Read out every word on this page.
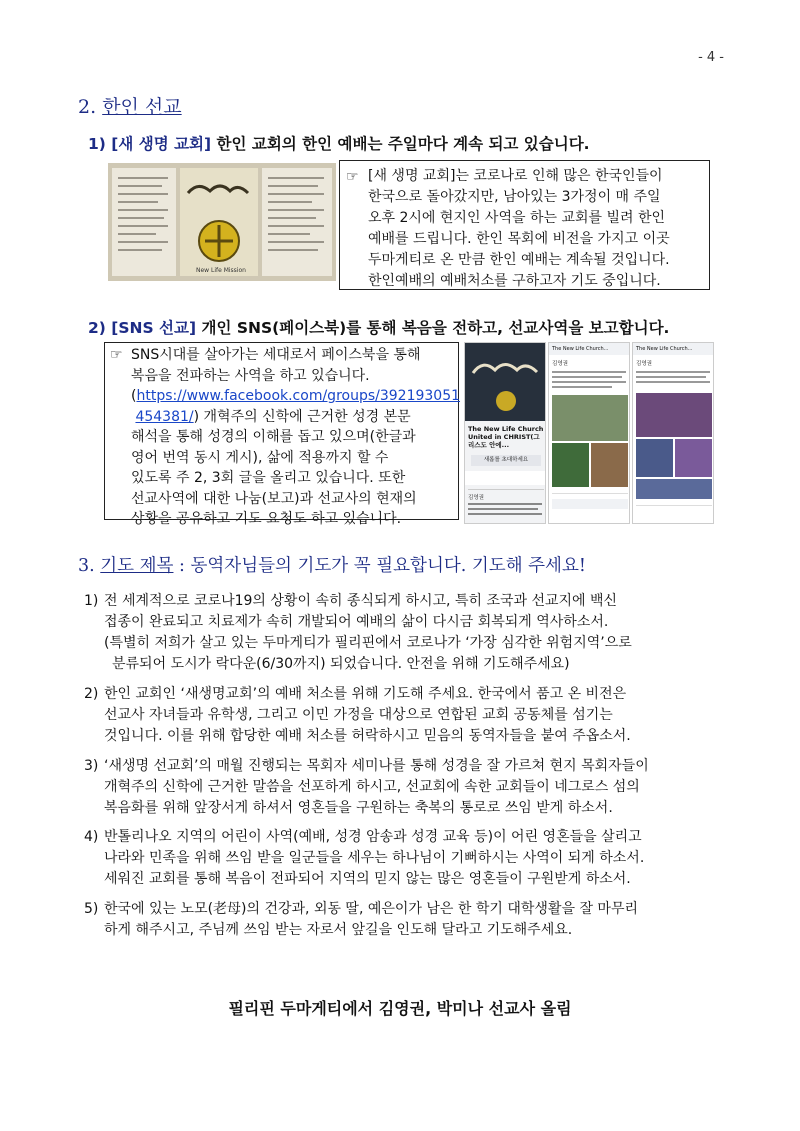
- 4 -
2. 한인 선교
1) [새 생명 교회] 한인 교회의 한인 예배는 주일마다 계속 되고 있습니다.
New Life Mission
☞ [새 생명 교회]는 코로나로 인해 많은 한국인들이
한국으로 돌아갔지만, 남아있는 3가정이 매 주일
오후 2시에 현지인 사역을 하는 교회를 빌려 한인
예배를 드립니다. 한인 목회에 비전을 가지고 이곳
두마게티로 온 만큼 한인 예배는 계속될 것입니다.
한인예배의 예배처소를 구하고자 기도 중입니다.
2) [SNS 선교] 개인 SNS(페이스북)를 통해 복음을 전하고, 선교사역을 보고합니다.
☞ SNS시대를 살아가는 세대로서 페이스북을 통해
복음을 전파하는 사역을 하고 있습니다.
(https://www.facebook.com/groups/392193051
454381/) 개혁주의 신학에 근거한 성경 본문
해석을 통해 성경의 이해를 돕고 있으며(한글과
영어 번역 동시 게시), 삶에 적용까지 할 수
있도록 주 2, 3회 글을 올리고 있습니다. 또한
선교사역에 대한 나눔(보고)과 선교사의 현재의
상황을 공유하고 기도 요청도 하고 있습니다.
The New Life Church United in CHRIST(그리스도 안에...
새롭를 초대하세요
김영권
The New Life Church...
김영권
The New Life Church...
김영권
3. 기도 제목 : 동역자님들의 기도가 꼭 필요합니다. 기도해 주세요!
1) 전 세계적으로 코로나19의 상황이 속히 종식되게 하시고, 특히 조국과 선교지에 백신
접종이 완료되고 치료제가 속히 개발되어 예배의 삶이 다시금 회복되게 역사하소서.
(특별히 저희가 살고 있는 두마게티가 필리핀에서 코로나가 ‘가장 심각한 위험지역’으로
분류되어 도시가 락다운(6/30까지) 되었습니다. 안전을 위해 기도해주세요)
2) 한인 교회인 ‘새생명교회’의 예배 처소를 위해 기도해 주세요. 한국에서 품고 온 비전은
선교사 자녀들과 유학생, 그리고 이민 가정을 대상으로 연합된 교회 공동체를 섬기는
것입니다. 이를 위해 합당한 예배 처소를 허락하시고 믿음의 동역자들을 붙여 주옵소서.
3) ‘새생명 선교회’의 매월 진행되는 목회자 세미나를 통해 성경을 잘 가르쳐 현지 목회자들이
개혁주의 신학에 근거한 말씀을 선포하게 하시고, 선교회에 속한 교회들이 네그로스 섬의
복음화를 위해 앞장서게 하셔서 영혼들을 구원하는 축복의 통로로 쓰임 받게 하소서.
4) 반톨리나오 지역의 어린이 사역(예배, 성경 암송과 성경 교육 등)이 어린 영혼들을 살리고
나라와 민족을 위해 쓰임 받을 일군들을 세우는 하나님이 기뻐하시는 사역이 되게 하소서.
세워진 교회를 통해 복음이 전파되어 지역의 믿지 않는 많은 영혼들이 구원받게 하소서.
5) 한국에 있는 노모(老母)의 건강과, 외동 딸, 예은이가 남은 한 학기 대학생활을 잘 마무리
하게 해주시고, 주님께 쓰임 받는 자로서 앞길을 인도해 달라고 기도해주세요.
필리핀 두마게티에서 김영권, 박미나 선교사 올림
